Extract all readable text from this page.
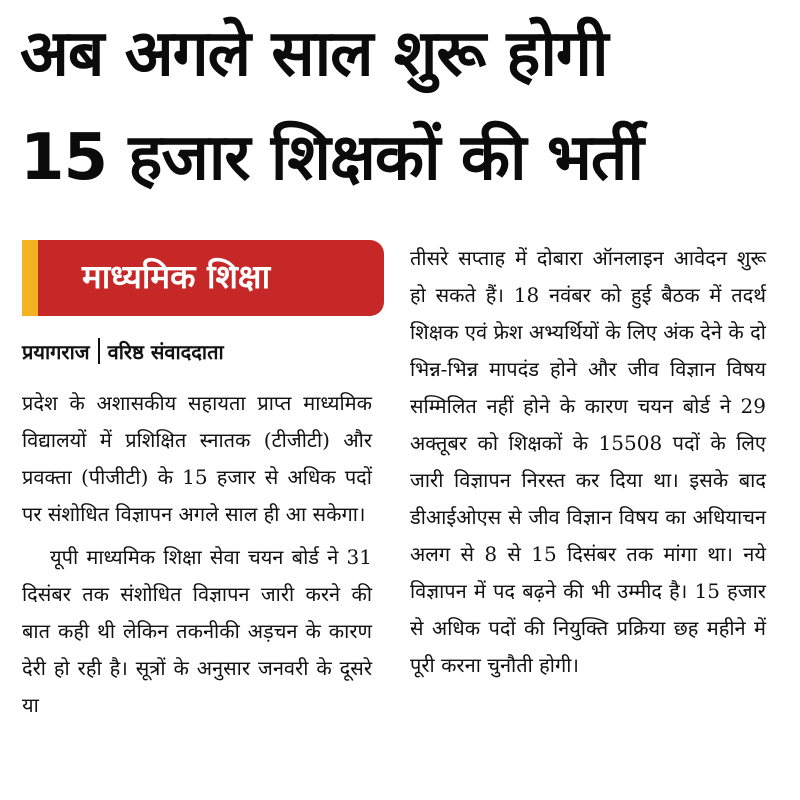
अब अगले साल शुरू होगी
15 हजार शिक्षकों की भर्ती
माध्यमिक शिक्षा
प्रयागराज वरिष्ठ संवाददाता

प्रदेश के अशासकीय सहायता प्राप्त माध्यमिक विद्यालयों में प्रशिक्षित स्नातक (टीजीटी) और प्रवक्ता (पीजीटी) के 15 हजार से अधिक पदों पर संशोधित विज्ञापन अगले साल ही आ सकेगा।

यूपी माध्यमिक शिक्षा सेवा चयन बोर्ड ने 31 दिसंबर तक संशोधित विज्ञापन जारी करने की बात कही थी लेकिन तकनीकी अड़चन के कारण देरी हो रही है। सूत्रों के अनुसार जनवरी के दूसरे या

तीसरे सप्ताह में दोबारा ऑनलाइन आवेदन शुरू हो सकते हैं। 18 नवंबर को हुई बैठक में तदर्थ शिक्षक एवं फ्रेश अभ्यर्थियों के लिए अंक देने के दो भिन्न-भिन्न मापदंड होने और जीव विज्ञान विषय सम्मिलित नहीं होने के कारण चयन बोर्ड ने 29 अक्तूबर को शिक्षकों के 15508 पदों के लिए जारी विज्ञापन निरस्त कर दिया था। इसके बाद डीआईओएस से जीव विज्ञान विषय का अधियाचन अलग से 8 से 15 दिसंबर तक मांगा था। नये विज्ञापन में पद बढ़ने की भी उम्मीद है। 15 हजार से अधिक पदों की नियुक्ति प्रक्रिया छह महीने में पूरी करना चुनौती होगी।
